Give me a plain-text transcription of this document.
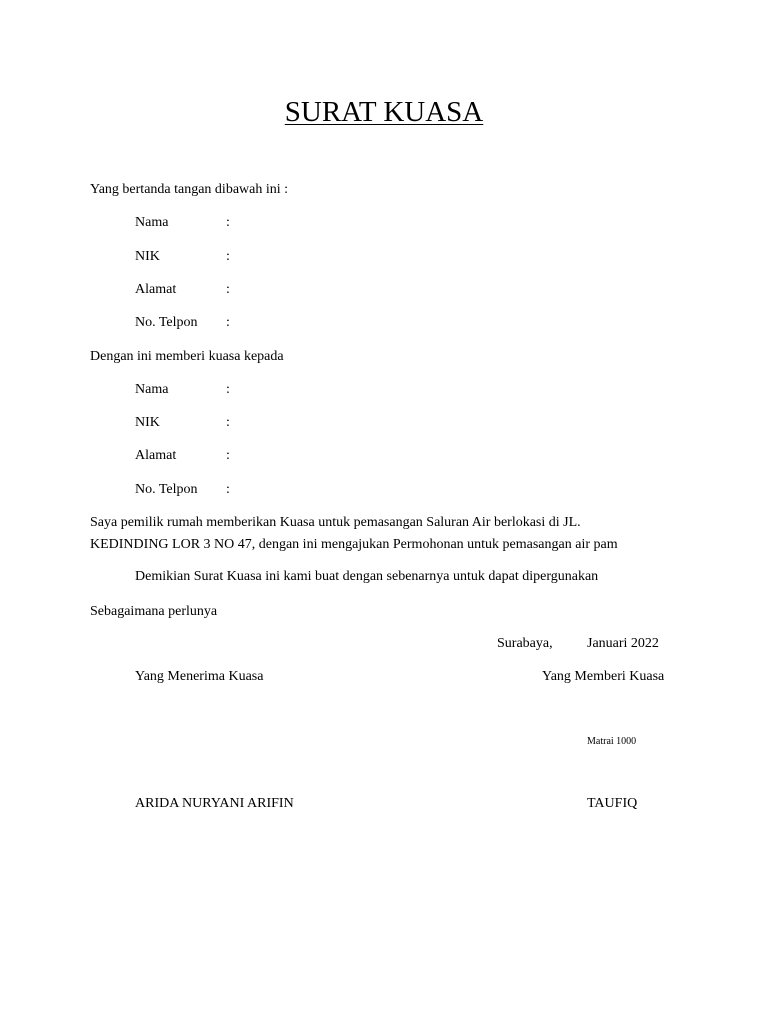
SURAT KUASA
Yang bertanda tangan dibawah ini :
Nama	:
NIK	:
Alamat	:
No. Telpon :
Dengan ini memberi kuasa kepada
Nama	:
NIK	:
Alamat	:
No. Telpon :
Saya pemilik rumah memberikan Kuasa untuk pemasangan Saluran Air berlokasi di JL.
KEDINDING LOR 3 NO 47, dengan ini mengajukan Permohonan untuk pemasangan air pam
Demikian Surat Kuasa ini kami buat dengan sebenarnya untuk dapat dipergunakan
Sebagaimana perlunya
Surabaya, Januari 2022
Yang Menerima Kuasa	Yang Memberi Kuasa
Matrai 1000
ARIDA NURYANI ARIFIN	TAUFIQ
